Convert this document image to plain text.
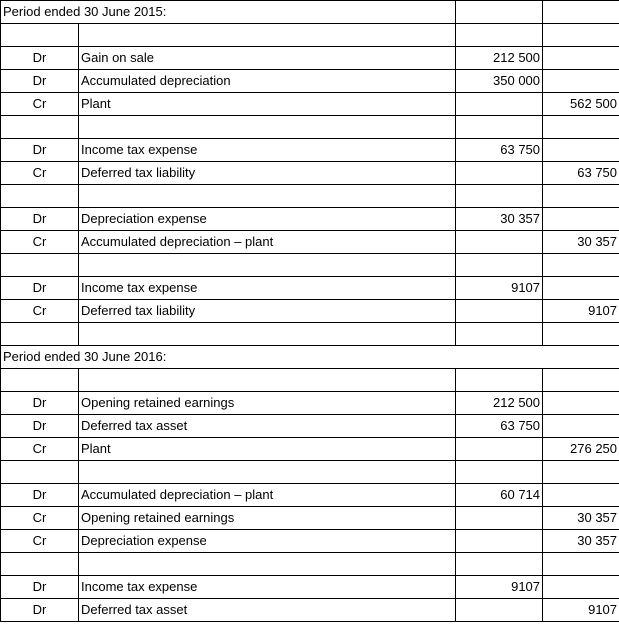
Period ended 30 June 2015:			

Dr	Gain on sale	212 500	
Dr	Accumulated depreciation	350 000	
Cr	Plant		562 500

Dr	Income tax expense	63 750	
Cr	Deferred tax liability		63 750

Dr	Depreciation expense	30 357	
Cr	Accumulated depreciation – plant		30 357

Dr	Income tax expense	9107	
Cr	Deferred tax liability		9107

Period ended 30 June 2016:			

Dr	Opening retained earnings	212 500	
Dr	Deferred tax asset	63 750	
Cr	Plant		276 250

Dr	Accumulated depreciation – plant	60 714	
Cr	Opening retained earnings		30 357
Cr	Depreciation expense		30 357

Dr	Income tax expense	9107	
Dr	Deferred tax asset		9107
